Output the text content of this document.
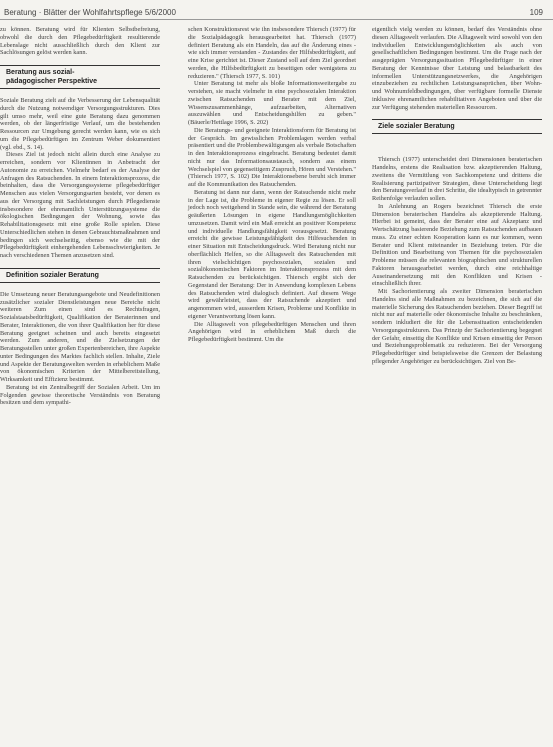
Beratung · Blätter der Wohlfahrtspflege 5/6/2000	109

zu können. Beratung wird für Klienten Selbstbefreiung, obwohl die durch den Pflegebedürftigkeit resultierende Lebenslage nicht ausschließlich durch den Klient zur Sachlösungen gelöst werden kann.

Beratung aus sozial-
pädagogischer Perspektive

Soziale Beratung zielt auf die Verbesserung der Lebensqualität durch die Nutzung notwendiger Versorgungsstrukturen. Dies gilt umso mehr, weil eine gute Beratung dazu genommen werden, ob der längerfristige Verlauf, um die bestehenden Ressourcen zur Umgebung gerecht werden kann, wie es sich um die Pflegebedürftigen im Zentrum Weber dokumentiert (vgl. ebd., S. 14).

Dieses Ziel ist jedoch nicht allein durch eine Analyse zu erreichen, sondern vor Klientinnen in Anbetracht der Autonomie zu erreichen. Vielmehr bedarf es der Analyse der Anfragen des Ratsuchenden. In einem Interaktionsprozess, die beinhalten, dass die Versorgungssysteme pflegebedürftiger Menschen aus vielen Versorgungsarten besteht, vor denen es aus der Versorgung mit Sachleistungen durch Pflegedienste insbesondere der ehrenamtlich Unterstützungssysteme die ökologischen Bedingungen der Wohnung, sowie das Rehabilitationsgesetz mit eine große Rolle spielen. Diese Unterschiedlichen stehen in denen Gebrauchtsmaßnahmen und bedingen sich wechselseitig, ebenso wie die mit der Pflegebedürftigkeit einhergehenden Lebensschwierigkeiten. Je nach verschiedenen Themen anzusetzen sind.

Definition sozialer Beratung

Die Umsetzung neuer Beratungsangebote und Neudefinitionen zusätzlicher sozialer Dienstleistungen neue Bereiche nicht weiteren Zum einen sind es Rechtsfragen, Sozialstaatsbedürftigkeit, Qualifikation der Beraterinnen und Berater, Interaktionen, die von ihrer Qualifikation her für diese Beratung geeignet scheinen und auch bereits eingesetzt werden. Zum anderen, und die Zielsetzungen der Beratungsstellen unter großen Expertenbereichen, ihre Aspekte unter Bedingungen des Marktes fachlich stellen. Inhalte, Ziele und Aspekte der Beratungswelten werden in erheblichem Maße von ökonomischen Kriterien der Mittelbereitstellung, Wirksamkeit und Effizienz bestimmt.

Beratung ist ein Zentralbegriff der Sozialen Arbeit. Um im Folgenden gewisse theoretische Verständnis von Beratung besitzen und dem sympathi-

schen Konstruktionsrest wie ihn insbesondere Thiersch (1977) für die Sozialpädagogik herausgearbeitet hat. Thiersch (1977) definiert Beratung als ein Handeln, das auf die Änderung eines - wie sich immer verstanden - Zustandes der Hilfsbedürftigkeit, auf eine Krise gerichtet ist. Dieser Zustand soll auf dem Ziel geordnet werden, die Hilfsbedürftigkeit zu beseitigen oder wenigstens zu reduzieren." (Thiersch 1977, S. 101)

Unter Beratung ist mehr als bloße Informationsweitergabe zu verstehen, sie macht vielmehr in eine psychosozialen Interaktion zwischen Ratsuchenden und Berater mit dem Ziel, Wissenszusammenhänge, aufzuarbeiten, Alternativen auszuwählen und Entscheidungshilfen zu geben." (Bäuerle/Hettlage 1996, S. 202)

Die Beratungs- und geeignete Interaktionsform für Beratung ist der Gespräch. Im gewisslichen Problemlagen werden verbal präsentiert und die Problembewältigungen als verbale Botschaften in den Interaktionsprozess eingebracht. Beratung bedeutet damit nicht nur das Informationsaustausch, sondern aus einem Wechselspiel von gegenseitigem Zuspruch, Hören und Verstehen." (Thiersch 1977, S. 102) Die Interaktionsebene beruht sich immer auf die Kommunikation des Ratsuchenden.

Beratung ist dann nur dann, wenn der Ratsuchende nicht mehr in der Lage ist, die Probleme in eigener Regie zu lösen. Er soll jedoch noch weitgehend in Stande sein, die während der Beratung geäußerten Lösungen in eigene Handlungsmöglichkeiten umzusetzen. Damit wird ein Maß erreicht an positiver Kompetenz und individuelle Handlungsfähigkeit vorausgesetzt. Beratung erreicht die gewisse Leistungsfähigkeit des Hilfesuchenden in einer Situation mit Entscheidungsdruck. Wird Beratung nicht nur oberflächlich Helfen, so die Alltagswelt des Ratsuchenden mit ihren vielschichtigen psychosozialen, sozialen und sozialökonomischen Faktoren im Interaktionsprozess mit dem Ratsuchenden zu berücksichtigen. Thiersch ergibt sich der Gegenstand der Beratung: Der in Anwendung komplexen Lebens des Ratsuchenden wird dialogisch definiert. Auf diesem Wege wird gewährleistet, dass der Ratsuchende akzeptiert und angenommen wird, ausserdem Krisen, Probleme und Konflikte in eigener Verantwortung lösen kann.

Die Alltagswelt von pflegebedürftigen Menschen und ihren Angehörigen wird in erheblichem Maß durch die Pflegebedürftigkeit bestimmt. Um die

eigentlich vielg werden zu können, bedarf des Verständnis ohne diesen Alltagswelt verlaufen. Die Alltagswelt wird sowohl von den individuellen Entwicklungsmöglichkeiten als auch von gesellschaftlichen Bedingungen bestimmt. Um die Frage nach der ausgeprägten Versorgungssituation Pflegebedürftiger in einer Beratung der Kenntnisse über Leistung und belastbarkeit des informellen Unterstützungsnetzwerkes, die Angehörigen einzubeziehen zu rechtlichen Leistungsansprüchen, über Wohn- und Wohnumfeldbedingungen, über verfügbare formelle Dienste inklusive ehrenamtlichen rehabilitativen Angeboten und über die zur Verfügung stehenden materiellen Ressourcen.

Ziele sozialer Beratung

Thiersch (1977) unterscheidet drei Dimensionen beraterischen Handelns, erstens die Realisation bzw. akzeptierenden Haltung, zweitens die Vermittlung von Sachkompetenz und drittens die Realisierung partizipativer Strategien, diese Unterscheidung liegt den Beratungsverlauf in drei Schritte, die idealtypisch in getrennter Reihenfolge verlaufen sollen.

In Anlehnung an Rogers bezeichnet Thiersch die erste Dimension beraterischen Handelns als akzeptierende Haltung. Hierbei ist gemeint, dass der Berater eine auf Akzeptanz und Wertschätzung basierende Beziehung zum Ratsuchenden aufbauen muss. Zu einer echten Kooperation kann es nur kommen, wenn Berater und Klient miteinander in Beziehung treten. Für die Definition und Bearbeitung von Themen für die psychosozialen Probleme müssen die relevanten biographischen und strukturellen Faktoren herausgearbeitet werden, durch eine reichhaltige Auseinandersetzung mit den Konflikten und Krisen - einschließlich ihrer.

Mit Sachorientierung als zweiter Dimension beraterischen Handelns sind alle Maßnahmen zu bezeichnen, die sich auf die materielle Sicherung des Ratsuchenden beziehen. Dieser Begriff ist nicht nur auf materielle oder ökonomische Inhalte zu beschränken, sondern inkludiert die für die Lebenssituation entscheidenden Versorgungsstrukturen. Das Prinzip der Sachorientierung begegnet der Gefahr, einseitig die Konflikte und Krisen einseitig der Person und Beziehungsproblematik zu reduzieren. Bei der Versorgung Pflegebedürftiger sind beispielsweise die Grenzen der Belastung pflegender Angehöriger zu berücksichtigen. Ziel von Be-
